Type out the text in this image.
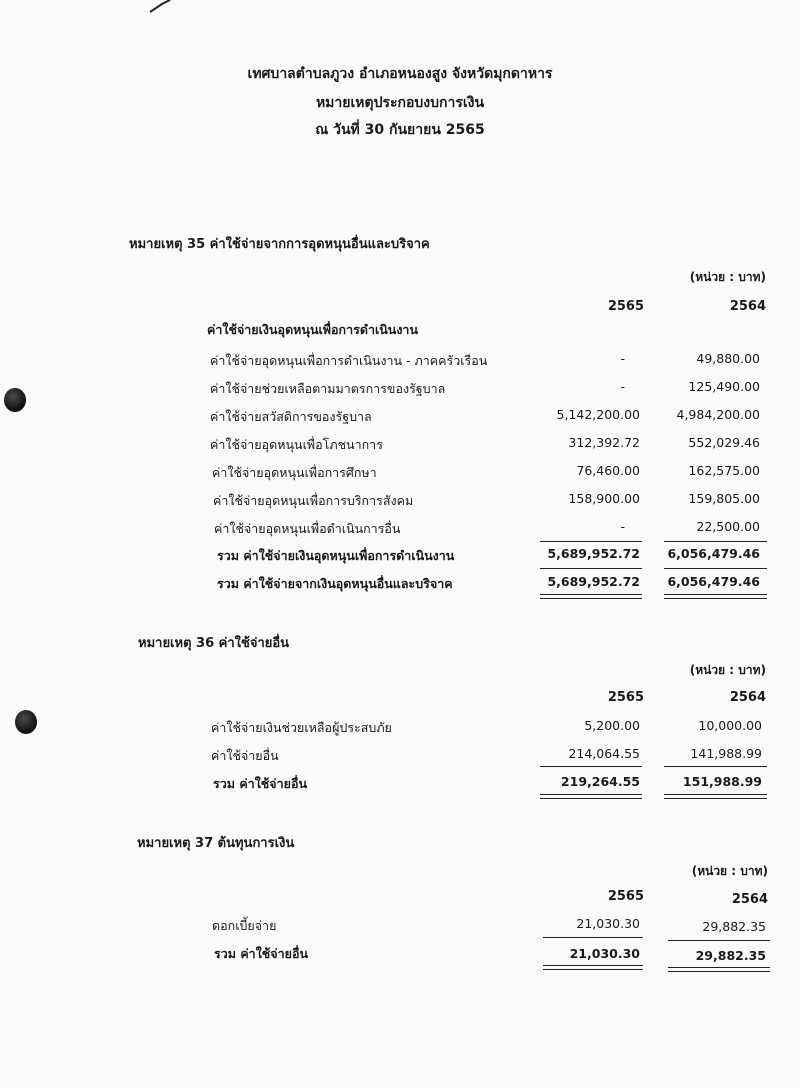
เทศบาลตำบลภูวง อำเภอหนองสูง จังหวัดมุกดาหาร
หมายเหตุประกอบงบการเงิน
ณ วันที่ 30 กันยายน 2565
หมายเหตุ 35 ค่าใช้จ่ายจากการอุดหนุนอื่นและบริจาค
(หน่วย : บาท)
2565	2564
ค่าใช้จ่ายเงินอุดหนุนเพื่อการดำเนินงาน
ค่าใช้จ่ายอุดหนุนเพื่อการดำเนินงาน - ภาคครัวเรือน	-	49,880.00
ค่าใช้จ่ายช่วยเหลือตามมาตรการของรัฐบาล	-	125,490.00
ค่าใช้จ่ายสวัสดิการของรัฐบาล	5,142,200.00	4,984,200.00
ค่าใช้จ่ายอุดหนุนเพื่อโภชนาการ	312,392.72	552,029.46
ค่าใช้จ่ายอุดหนุนเพื่อการศึกษา	76,460.00	162,575.00
ค่าใช้จ่ายอุดหนุนเพื่อการบริการสังคม	158,900.00	159,805.00
ค่าใช้จ่ายอุดหนุนเพื่อดำเนินการอื่น	-	22,500.00
รวม ค่าใช้จ่ายเงินอุดหนุนเพื่อการดำเนินงาน	5,689,952.72 6,056,479.46
รวม ค่าใช้จ่ายจากเงินอุดหนุนอื่นและบริจาค	5,689,952.72 6,056,479.46
หมายเหตุ 36 ค่าใช้จ่ายอื่น
(หน่วย : บาท)
2565	2564
ค่าใช้จ่ายเงินช่วยเหลือผู้ประสบภัย	5,200.00	10,000.00
ค่าใช้จ่ายอื่น	214,064.55	141,988.99
รวม ค่าใช้จ่ายอื่น	219,264.55	151,988.99
หมายเหตุ 37 ต้นทุนการเงิน
(หน่วย : บาท)
2565	2564
ดอกเบี้ยจ่าย	21,030.30	29,882.35
รวม ค่าใช้จ่ายอื่น	21,030.30	29,882.35
